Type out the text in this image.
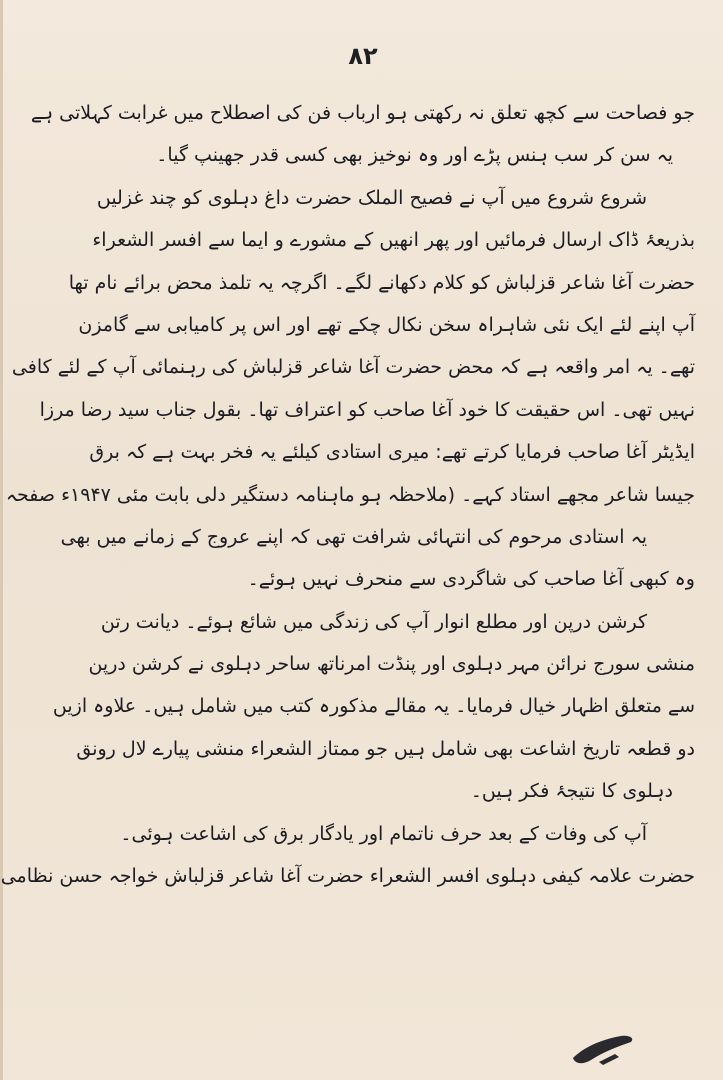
۸۲
جو فصاحت سے کچھ تعلق نہ رکھتی ہو ارباب فن کی اصطلاح میں غرابت کہلاتی ہے
یہ سن کر سب ہنس پڑے اور وہ نوخیز بھی کسی قدر جھینپ گیا۔
شروع شروع میں آپ نے فصیح الملک حضرت داغ دہلوی کو چند غزلیں
بذریعۂ ڈاک ارسال فرمائیں اور پھر انھیں کے مشورے و ایما سے افسر الشعراء
حضرت آغا شاعر قزلباش کو کلام دکھانے لگے۔ اگرچہ یہ تلمذ محض برائے نام تھا
آپ اپنے لئے ایک نئی شاہراہ سخن نکال چکے تھے اور اس پر کامیابی سے گامزن
تھے۔ یہ امر واقعہ ہے کہ محض حضرت آغا شاعر قزلباش کی رہنمائی آپ کے لئے کافی
نہیں تھی۔ اس حقیقت کا خود آغا صاحب کو اعتراف تھا۔ بقول جناب سید رضا مرزا
ایڈیٹر آغا صاحب فرمایا کرتے تھے: میری استادی کیلئے یہ فخر بہت ہے کہ برق
جیسا شاعر مجھے استاد کہے۔ (ملاحظہ ہو ماہنامہ دستگیر دلی بابت مئی ۱۹۴۷ء صفحہ
یہ استادی مرحوم کی انتہائی شرافت تھی کہ اپنے عروج کے زمانے میں بھی
وہ کبھی آغا صاحب کی شاگردی سے منحرف نہیں ہوئے۔
کرشن درپن اور مطلع انوار آپ کی زندگی میں شائع ہوئے۔ دیانت رتن
منشی سورج نرائن مہر دہلوی اور پنڈت امرناتھ ساحر دہلوی نے کرشن درپن
سے متعلق اظہار خیال فرمایا۔ یہ مقالے مذکورہ کتب میں شامل ہیں۔ علاوہ ازیں
دو قطعہ تاریخ اشاعت بھی شامل ہیں جو ممتاز الشعراء منشی پیارے لال رونق
دہلوی کا نتیجۂ فکر ہیں۔
آپ کی وفات کے بعد حرف ناتمام اور یادگار برق کی اشاعت ہوئی۔
حضرت علامہ کیفی دہلوی افسر الشعراء حضرت آغا شاعر قزلباش خواجہ حسن نظامی
